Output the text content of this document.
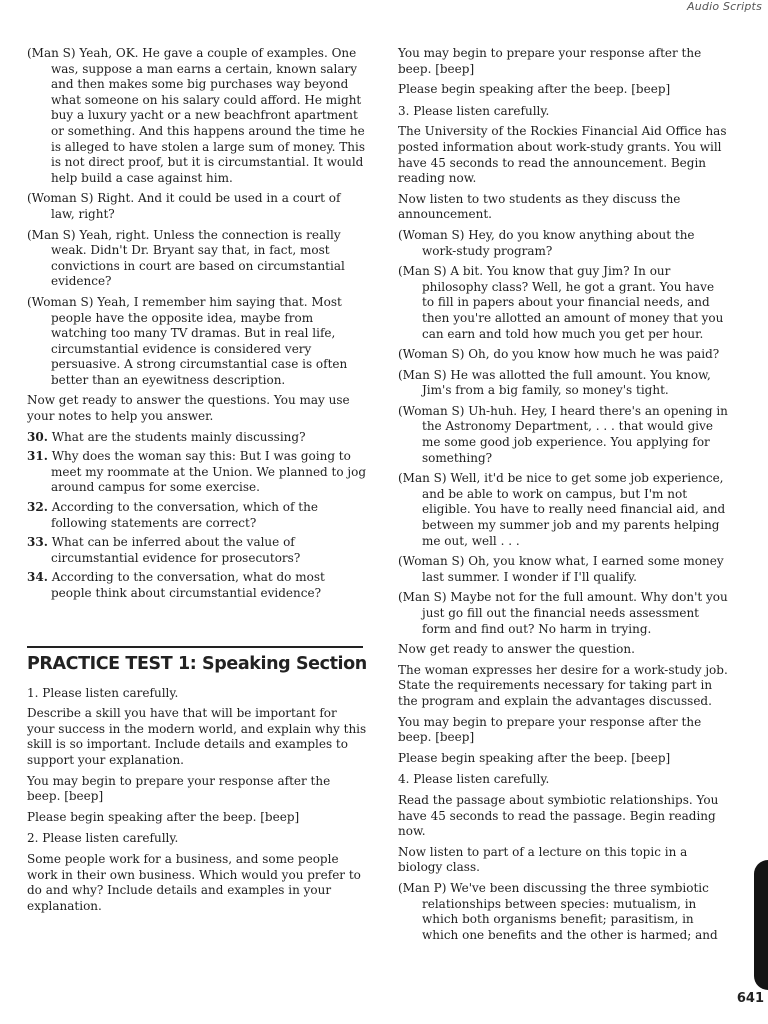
Audio Scripts
(Man S) Yeah, OK. He gave a couple of examples. One was, suppose a man earns a certain, known salary and then makes some big purchases way beyond what someone on his salary could afford. He might buy a luxury yacht or a new beachfront apartment or something. And this happens around the time he is alleged to have stolen a large sum of money. This is not direct proof, but it is circumstantial. It would help build a case against him.
(Woman S) Right. And it could be used in a court of law, right?
(Man S) Yeah, right. Unless the connection is really weak. Didn't Dr. Bryant say that, in fact, most convictions in court are based on circumstantial evidence?
(Woman S) Yeah, I remember him saying that. Most people have the opposite idea, maybe from watching too many TV dramas. But in real life, circumstantial evidence is considered very persuasive. A strong circumstantial case is often better than an eyewitness description.
Now get ready to answer the questions. You may use your notes to help you answer.
30. What are the students mainly discussing?
31. Why does the woman say this: But I was going to meet my roommate at the Union. We planned to jog around campus for some exercise.
32. According to the conversation, which of the following statements are correct?
33. What can be inferred about the value of circumstantial evidence for prosecutors?
34. According to the conversation, what do most people think about circumstantial evidence?
PRACTICE TEST 1: Speaking Section
1. Please listen carefully.
Describe a skill you have that will be important for your success in the modern world, and explain why this skill is so important. Include details and examples to support your explanation.
You may begin to prepare your response after the beep. [beep]
Please begin speaking after the beep. [beep]
2. Please listen carefully.
Some people work for a business, and some people work in their own business. Which would you prefer to do and why? Include details and examples in your explanation.
You may begin to prepare your response after the beep. [beep]
Please begin speaking after the beep. [beep]
3. Please listen carefully.
The University of the Rockies Financial Aid Office has posted information about work-study grants. You will have 45 seconds to read the announcement. Begin reading now.
Now listen to two students as they discuss the announcement.
(Woman S) Hey, do you know anything about the work-study program?
(Man S) A bit. You know that guy Jim? In our philosophy class? Well, he got a grant. You have to fill in papers about your financial needs, and then you're allotted an amount of money that you can earn and told how much you get per hour.
(Woman S) Oh, do you know how much he was paid?
(Man S) He was allotted the full amount. You know, Jim's from a big family, so money's tight.
(Woman S) Uh-huh. Hey, I heard there's an opening in the Astronomy Department, . . . that would give me some good job experience. You applying for something?
(Man S) Well, it'd be nice to get some job experience, and be able to work on campus, but I'm not eligible. You have to really need financial aid, and between my summer job and my parents helping me out, well . . .
(Woman S) Oh, you know what, I earned some money last summer. I wonder if I'll qualify.
(Man S) Maybe not for the full amount. Why don't you just go fill out the financial needs assessment form and find out? No harm in trying.
Now get ready to answer the question.
The woman expresses her desire for a work-study job. State the requirements necessary for taking part in the program and explain the advantages discussed.
You may begin to prepare your response after the beep. [beep]
Please begin speaking after the beep. [beep]
4. Please listen carefully.
Read the passage about symbiotic relationships. You have 45 seconds to read the passage. Begin reading now.
Now listen to part of a lecture on this topic in a biology class.
(Man P) We've been discussing the three symbiotic relationships between species: mutualism, in which both organisms benefit; parasitism, in which one benefits and the other is harmed; and
641
